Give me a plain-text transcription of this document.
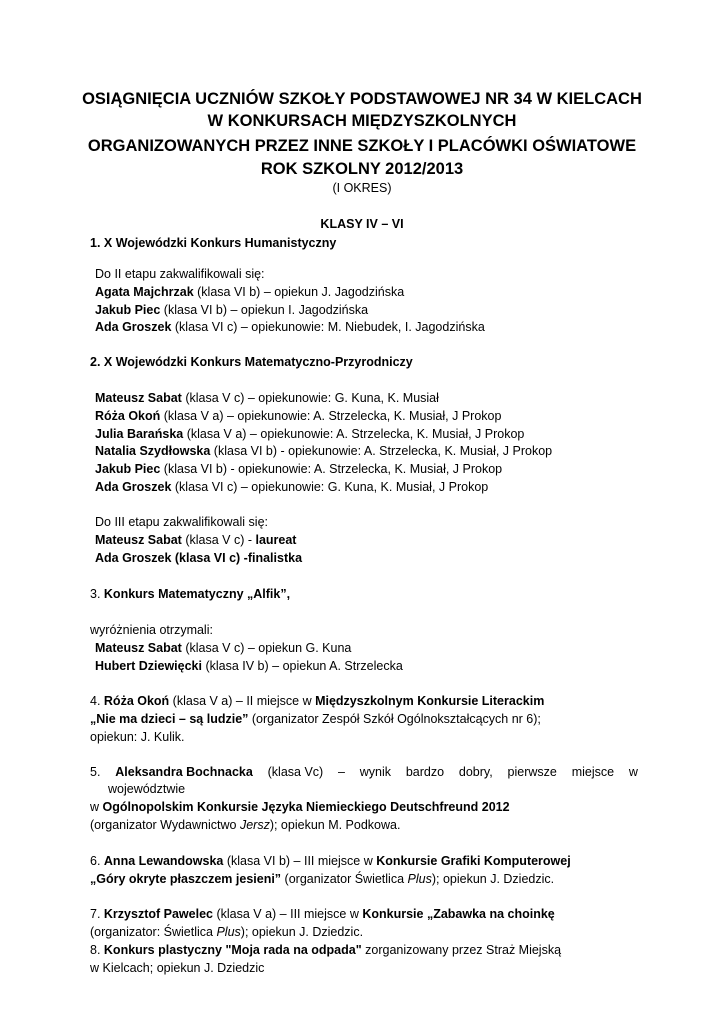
OSIĄGNIĘCIA UCZNIÓW SZKOŁY PODSTAWOWEJ NR 34 W KIELCACH
W KONKURSACH MIĘDZYSZKOLNYCH
ORGANIZOWANYCH PRZEZ INNE SZKOŁY I PLACÓWKI OŚWIATOWE
ROK SZKOLNY 2012/2013
(I OKRES)
KLASY IV – VI
1. X Wojewódzki Konkurs Humanistyczny
Do II etapu zakwalifikowali się:
Agata Majchrzak (klasa VI b) – opiekun J. Jagodzińska
Jakub Piec (klasa VI b) – opiekun I. Jagodzińska
Ada Groszek (klasa VI c) – opiekunowie: M. Niebudek, I. Jagodzińska
2. X Wojewódzki Konkurs Matematyczno-Przyrodniczy
Mateusz Sabat (klasa V c) – opiekunowie: G. Kuna, K. Musiał
Róża Okoń (klasa V a) – opiekunowie: A. Strzelecka, K. Musiał, J Prokop
Julia Barańska (klasa V a) – opiekunowie: A. Strzelecka, K. Musiał, J Prokop
Natalia Szydłowska (klasa VI b) - opiekunowie: A. Strzelecka, K. Musiał, J Prokop
Jakub Piec (klasa VI b) - opiekunowie: A. Strzelecka, K. Musiał, J Prokop
Ada Groszek (klasa VI c) – opiekunowie: G. Kuna, K. Musiał, J Prokop
Do III etapu zakwalifikowali się:
Mateusz Sabat (klasa V c) - laureat
Ada Groszek (klasa VI c) -finalistka
3. Konkurs Matematyczny „Alfik”,
wyróżnienia otrzymali:
Mateusz Sabat (klasa V c) – opiekun G. Kuna
Hubert Dziewięcki (klasa IV b) – opiekun A. Strzelecka
4. Róża Okoń (klasa V a) – II miejsce w Międzyszkolnym Konkursie Literackim
„Nie ma dzieci – są ludzie” (organizator Zespół Szkół Ogólnokształcących nr 6);
opiekun: J. Kulik.
5. Aleksandra Bochnacka (klasa Vc) – wynik bardzo dobry, pierwsze miejsce w
województwie
w Ogólnopolskim Konkursie Języka Niemieckiego Deutschfreund 2012
(organizator Wydawnictwo Jersz); opiekun M. Podkowa.
6. Anna Lewandowska (klasa VI b) – III miejsce w Konkursie Grafiki Komputerowej
„Góry okryte płaszczem jesieni” (organizator Świetlica Plus); opiekun J. Dziedzic.
7. Krzysztof Pawelec (klasa V a) – III miejsce w Konkursie „Zabawka na choinkę
(organizator: Świetlica Plus); opiekun J. Dziedzic.
8. Konkurs plastyczny "Moja rada na odpada" zorganizowany przez Straż Miejską
w Kielcach; opiekun J. Dziedzic
